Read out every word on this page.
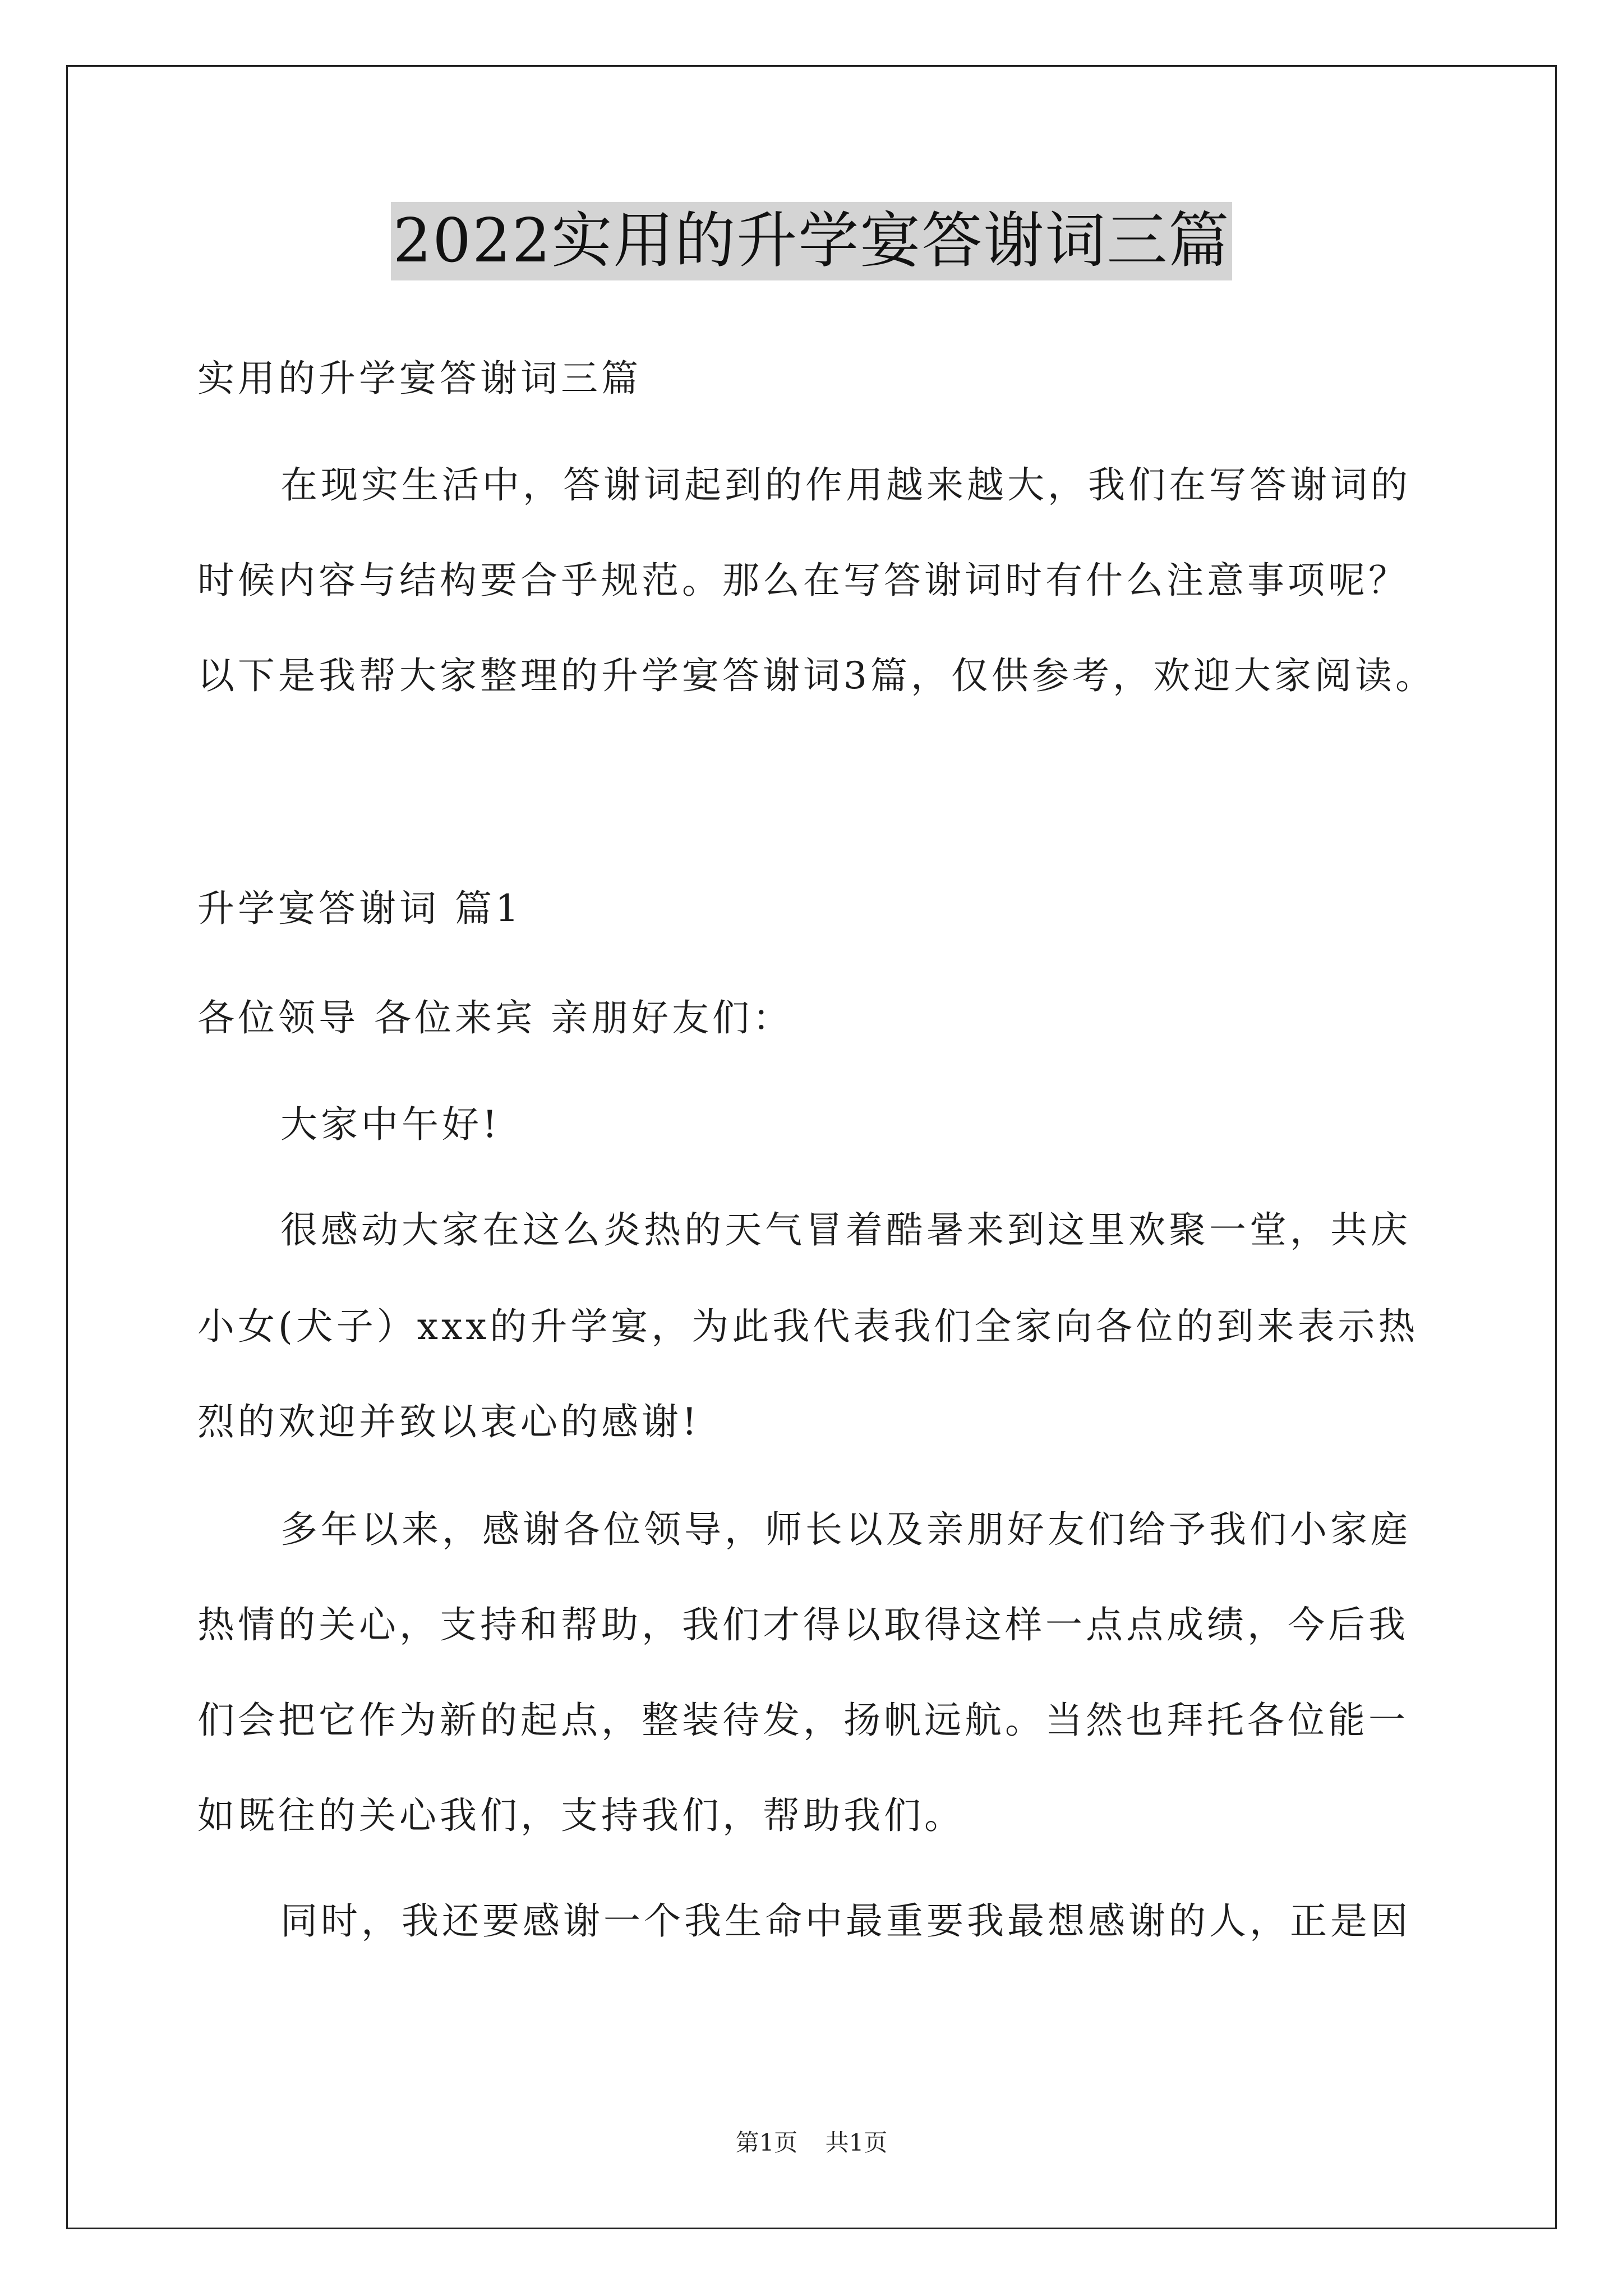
2022实用的升学宴答谢词三篇
实用的升学宴答谢词三篇
在现实生活中，答谢词起到的作用越来越大，我们在写答谢词的
时候内容与结构要合乎规范。那么在写答谢词时有什么注意事项呢？
以下是我帮大家整理的升学宴答谢词3篇，仅供参考，欢迎大家阅读。
升学宴答谢词 篇1
各位领导 各位来宾 亲朋好友们：
大家中午好!
很感动大家在这么炎热的天气冒着酷暑来到这里欢聚一堂，共庆
小女(犬子）xxx的升学宴，为此我代表我们全家向各位的到来表示热
烈的欢迎并致以衷心的感谢!
多年以来，感谢各位领导，师长以及亲朋好友们给予我们小家庭
热情的关心，支持和帮助，我们才得以取得这样一点点成绩，今后我
们会把它作为新的起点，整装待发，扬帆远航。当然也拜托各位能一
如既往的关心我们，支持我们，帮助我们。
同时，我还要感谢一个我生命中最重要我最想感谢的人，正是因
第1页 共1页
